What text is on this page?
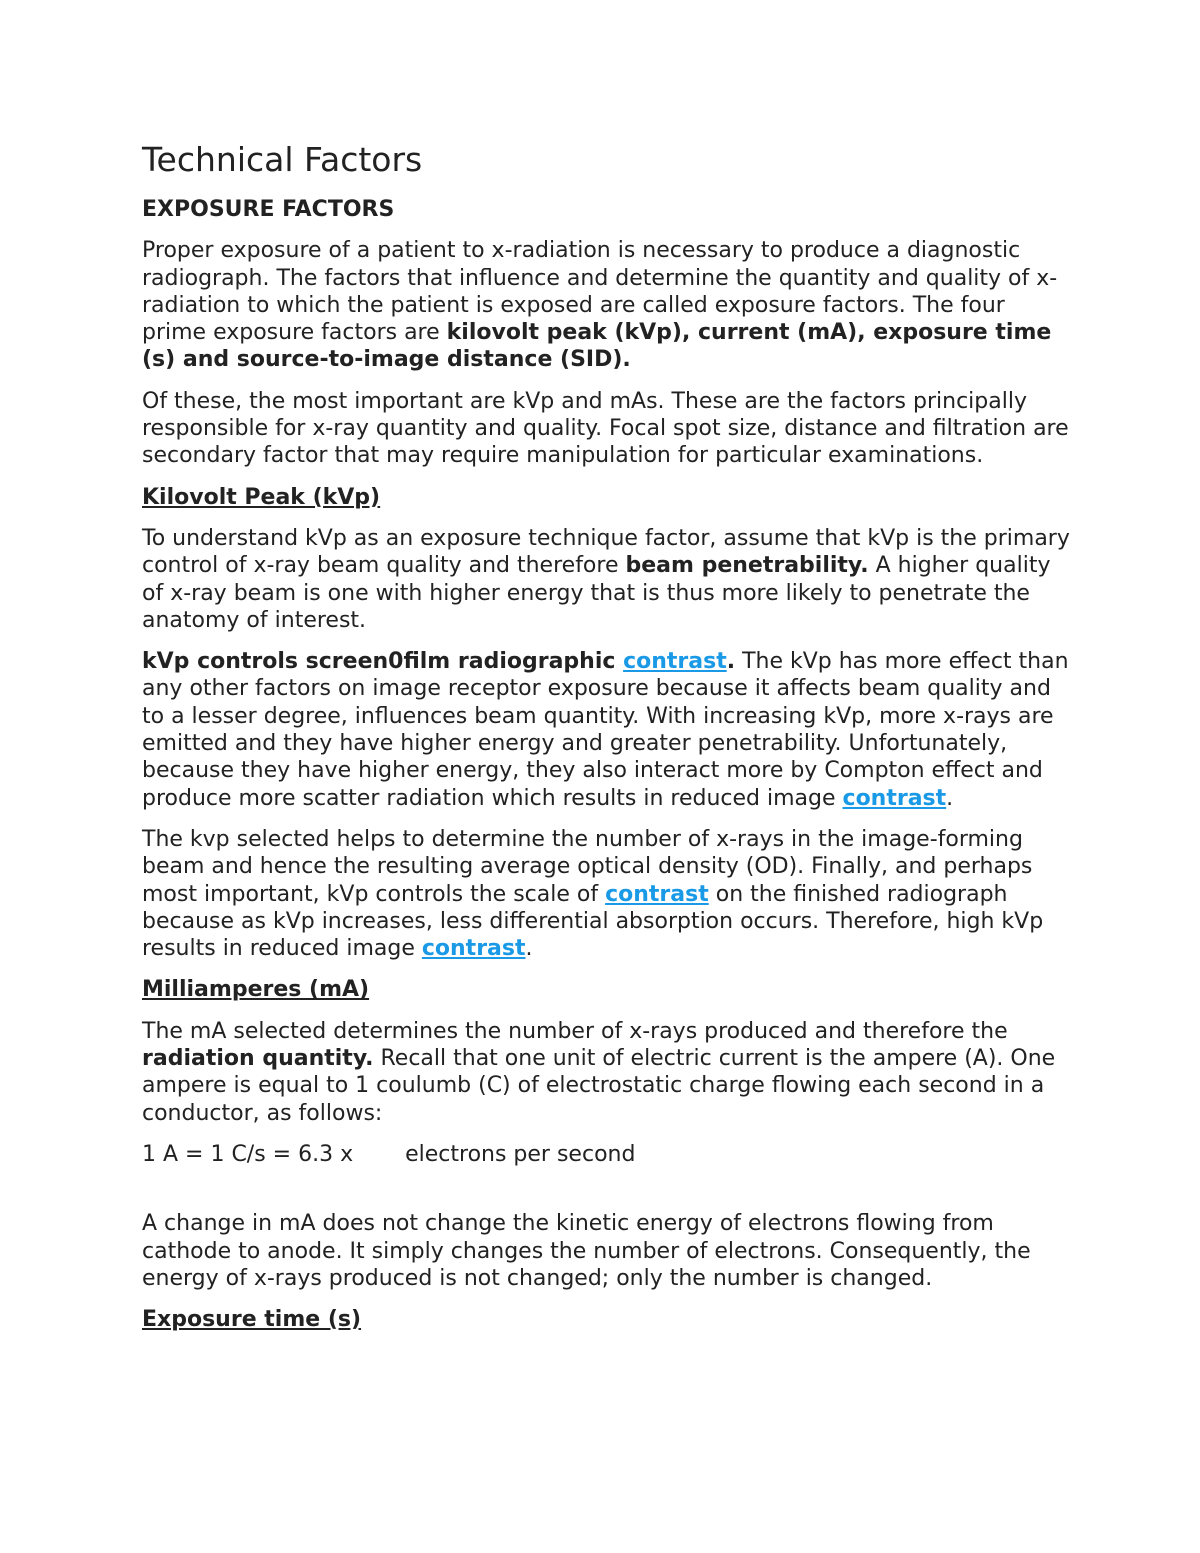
Technical Factors
EXPOSURE FACTORS
Proper exposure of a patient to x-radiation is necessary to produce a diagnostic radiograph. The factors that influence and determine the quantity and quality of x-radiation to which the patient is exposed are called exposure factors. The four prime exposure factors are kilovolt peak (kVp), current (mA), exposure time (s) and source-to-image distance (SID).
Of these, the most important are kVp and mAs. These are the factors principally responsible for x-ray quantity and quality. Focal spot size, distance and filtration are secondary factor that may require manipulation for particular examinations.
Kilovolt Peak (kVp)
To understand kVp as an exposure technique factor, assume that kVp is the primary control of x-ray beam quality and therefore beam penetrability. A higher quality of x-ray beam is one with higher energy that is thus more likely to penetrate the anatomy of interest.
kVp controls screen0film radiographic contrast. The kVp has more effect than any other factors on image receptor exposure because it affects beam quality and to a lesser degree, influences beam quantity. With increasing kVp, more x-rays are emitted and they have higher energy and greater penetrability. Unfortunately, because they have higher energy, they also interact more by Compton effect and produce more scatter radiation which results in reduced image contrast.
The kvp selected helps to determine the number of x-rays in the image-forming beam and hence the resulting average optical density (OD). Finally, and perhaps most important, kVp controls the scale of contrast on the finished radiograph because as kVp increases, less differential absorption occurs. Therefore, high kVp results in reduced image contrast.
Milliamperes (mA)
The mA selected determines the number of x-rays produced and therefore the radiation quantity. Recall that one unit of electric current is the ampere (A). One ampere is equal to 1 coulumb (C) of electrostatic charge flowing each second in a conductor, as follows:
1 A = 1 C/s = 6.3 x electrons per second
A change in mA does not change the kinetic energy of electrons flowing from cathode to anode. It simply changes the number of electrons. Consequently, the energy of x-rays produced is not changed; only the number is changed.
Exposure time (s)
